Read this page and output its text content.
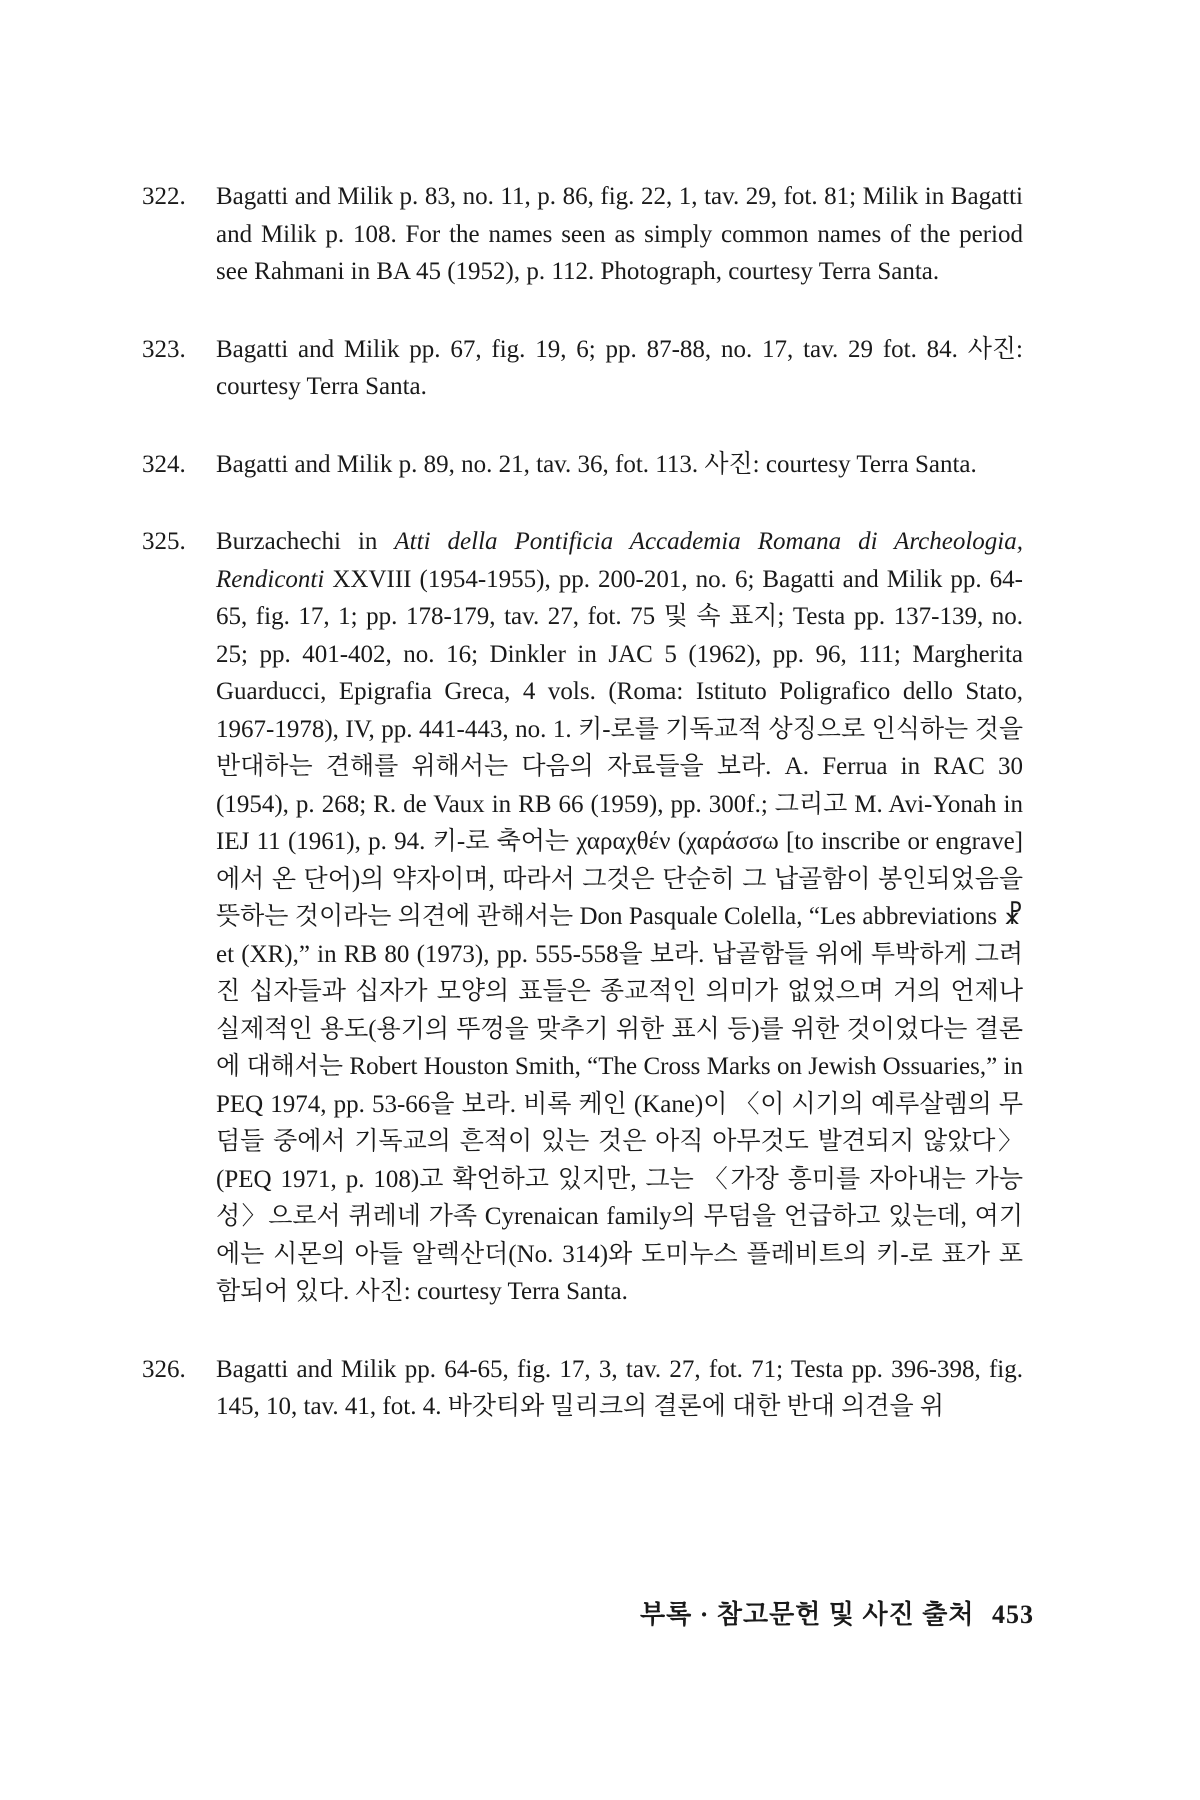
322. Bagatti and Milik p. 83, no. 11, p. 86, fig. 22, 1, tav. 29, fot. 81; Milik in Bagatti and Milik p. 108. For the names seen as simply common names of the period see Rahmani in BA 45 (1952), p. 112. Photograph, courtesy Terra Santa.
323. Bagatti and Milik pp. 67, fig. 19, 6; pp. 87-88, no. 17, tav. 29 fot. 84. 사진: courtesy Terra Santa.
324. Bagatti and Milik p. 89, no. 21, tav. 36, fot. 113. 사진: courtesy Terra Santa.
325. Burzachechi in Atti della Pontificia Accademia Romana di Archeologia, Rendiconti XXVIII (1954-1955), pp. 200-201, no. 6; Bagatti and Milik pp. 64-65, fig. 17, 1; pp. 178-179, tav. 27, fot. 75 및 속 표지; Testa pp. 137-139, no. 25; pp. 401-402, no. 16; Dinkler in JAC 5 (1962), pp. 96, 111; Margherita Guarducci, Epigrafia Greca, 4 vols. (Roma: Istituto Poligrafico dello Stato, 1967-1978), IV, pp. 441-443, no. 1. 키-로를 기독교적 상징으로 인식하는 것을 반대하는 견해를 위해서는 다음의 자료들을 보라. A. Ferrua in RAC 30 (1954), p. 268; R. de Vaux in RB 66 (1959), pp. 300f.; 그리고 M. Avi-Yonah in IEJ 11 (1961), p. 94. 키-로 축어는 χαραχθέν (χαράσσω [to inscribe or engrave]에서 온 단어)의 약자이며, 따라서 그것은 단순히 그 납골함이 봉인되었음을 뜻하는 것이라는 의견에 관해서는 Don Pasquale Colella, “Les abbreviations ☧ et (XR),” in RB 80 (1973), pp. 555-558을 보라. 납골함들 위에 투박하게 그려진 십자들과 십자가 모양의 표들은 종교적인 의미가 없었으며 거의 언제나 실제적인 용도(용기의 뚜껑을 맞추기 위한 표시 등)를 위한 것이었다는 결론에 대해서는 Robert Houston Smith, “The Cross Marks on Jewish Ossuaries,” in PEQ 1974, pp. 53-66을 보라. 비록 케인 (Kane)이 〈이 시기의 예루살렘의 무덤들 중에서 기독교의 흔적이 있는 것은 아직 아무것도 발견되지 않았다〉(PEQ 1971, p. 108)고 확언하고 있지만, 그는 〈가장 흥미를 자아내는 가능성〉으로서 퀴레네 가족 Cyrenaican family의 무덤을 언급하고 있는데, 여기에는 시몬의 아들 알렉산더(No. 314)와 도미누스 플레비트의 키-로 표가 포함되어 있다. 사진: courtesy Terra Santa.
326. Bagatti and Milik pp. 64-65, fig. 17, 3, tav. 27, fot. 71; Testa pp. 396-398, fig. 145, 10, tav. 41, fot. 4. 바갓티와 밀리크의 결론에 대한 반대 의견을 위
부록 · 참고문헌 및 사진 출처 453
